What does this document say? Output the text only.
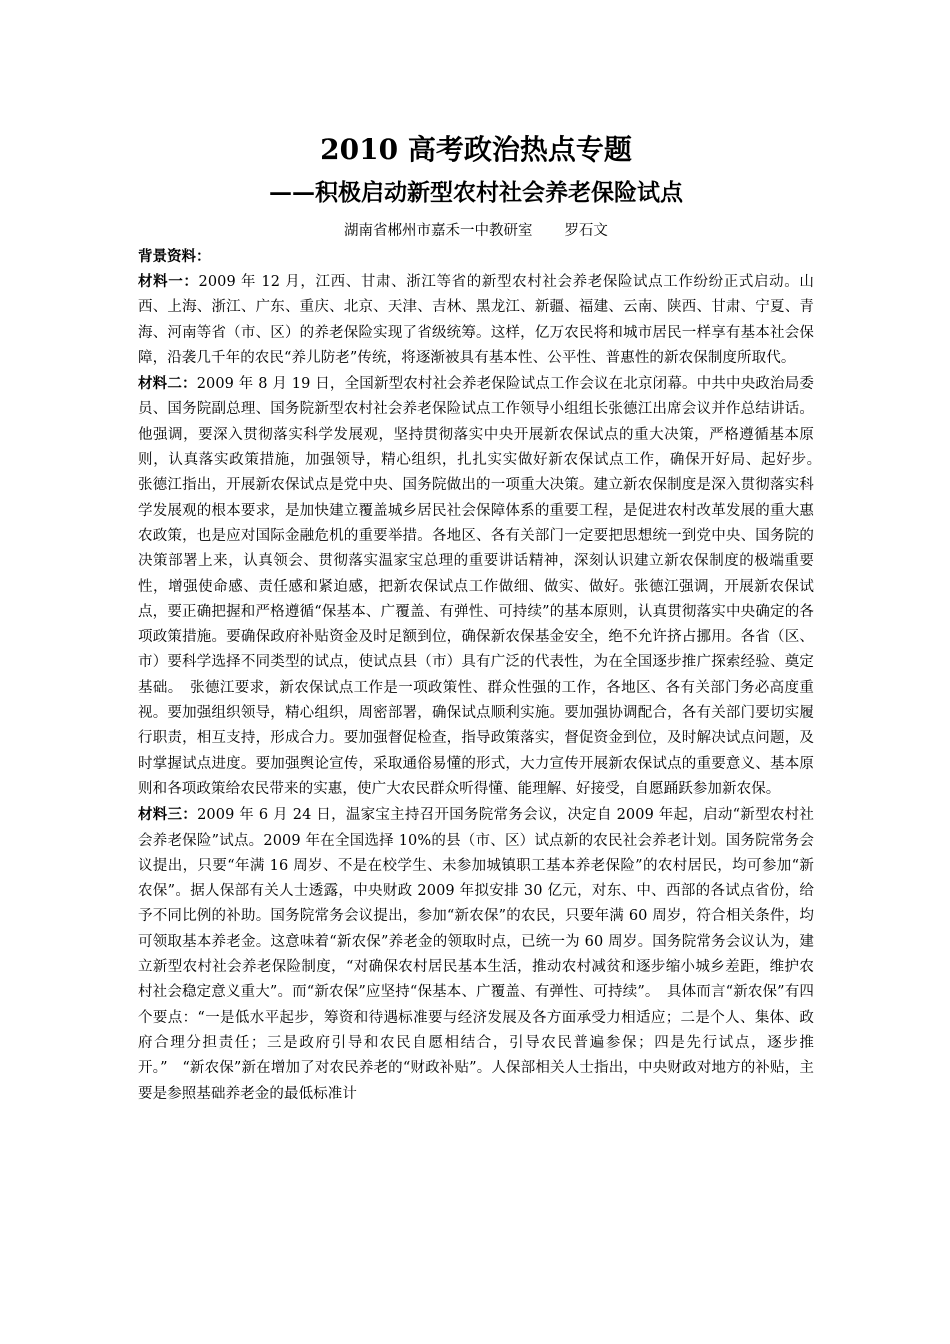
2010 高考政治热点专题
——积极启动新型农村社会养老保险试点

湖南省郴州市嘉禾一中教研室 罗石文

背景资料：

材料一：2009 年 12 月，江西、甘肃、浙江等省的新型农村社会养老保险试点工作纷纷正式启动。山西、上海、浙江、广东、重庆、北京、天津、吉林、黑龙江、新疆、福建、云南、陕西、甘肃、宁夏、青海、河南等省（市、区）的养老保险实现了省级统筹。这样，亿万农民将和城市居民一样享有基本社会保障，沿袭几千年的农民“养儿防老”传统，将逐渐被具有基本性、公平性、普惠性的新农保制度所取代。

材料二：2009 年 8 月 19 日，全国新型农村社会养老保险试点工作会议在北京闭幕。中共中央政治局委员、国务院副总理、国务院新型农村社会养老保险试点工作领导小组组长张德江出席会议并作总结讲话。他强调，要深入贯彻落实科学发展观，坚持贯彻落实中央开展新农保试点的重大决策，严格遵循基本原则，认真落实政策措施，加强领导，精心组织，扎扎实实做好新农保试点工作，确保开好局、起好步。　张德江指出，开展新农保试点是党中央、国务院做出的一项重大决策。建立新农保制度是深入贯彻落实科学发展观的根本要求，是加快建立覆盖城乡居民社会保障体系的重要工程，是促进农村改革发展的重大惠农政策，也是应对国际金融危机的重要举措。各地区、各有关部门一定要把思想统一到党中央、国务院的决策部署上来，认真领会、贯彻落实温家宝总理的重要讲话精神，深刻认识建立新农保制度的极端重要性，增强使命感、责任感和紧迫感，把新农保试点工作做细、做实、做好。张德江强调，开展新农保试点，要正确把握和严格遵循“保基本、广覆盖、有弹性、可持续”的基本原则，认真贯彻落实中央确定的各项政策措施。要确保政府补贴资金及时足额到位，确保新农保基金安全，绝不允许挤占挪用。各省（区、市）要科学选择不同类型的试点，使试点县（市）具有广泛的代表性，为在全国逐步推广探索经验、奠定基础。　张德江要求，新农保试点工作是一项政策性、群众性强的工作，各地区、各有关部门务必高度重视。要加强组织领导，精心组织，周密部署，确保试点顺利实施。要加强协调配合，各有关部门要切实履行职责，相互支持，形成合力。要加强督促检查，指导政策落实，督促资金到位，及时解决试点问题，及时掌握试点进度。要加强舆论宣传，采取通俗易懂的形式，大力宣传开展新农保试点的重要意义、基本原则和各项政策给农民带来的实惠，使广大农民群众听得懂、能理解、好接受，自愿踊跃参加新农保。

材料三：2009 年 6 月 24 日，温家宝主持召开国务院常务会议，决定自 2009 年起，启动“新型农村社会养老保险”试点。2009 年在全国选择 10%的县（市、区）试点新的农民社会养老计划。国务院常务会议提出，只要“年满 16 周岁、不是在校学生、未参加城镇职工基本养老保险”的农村居民，均可参加“新农保”。据人保部有关人士透露，中央财政 2009 年拟安排 30 亿元，对东、中、西部的各试点省份，给予不同比例的补助。国务院常务会议提出，参加“新农保”的农民，只要年满 60 周岁，符合相关条件，均可领取基本养老金。这意味着“新农保”养老金的领取时点，已统一为 60 周岁。国务院常务会议认为，建立新型农村社会养老保险制度，“对确保农村居民基本生活，推动农村减贫和逐步缩小城乡差距，维护农村社会稳定意义重大”。而“新农保”应坚持“保基本、广覆盖、有弹性、可持续”。　具体而言“新农保”有四个要点：“一是低水平起步，筹资和待遇标准要与经济发展及各方面承受力相适应；二是个人、集体、政府合理分担责任；三是政府引导和农民自愿相结合，引导农民普遍参保；四是先行试点，逐步推开。”　“新农保”新在增加了对农民养老的“财政补贴”。人保部相关人士指出，中央财政对地方的补贴，主要是参照基础养老金的最低标准计
